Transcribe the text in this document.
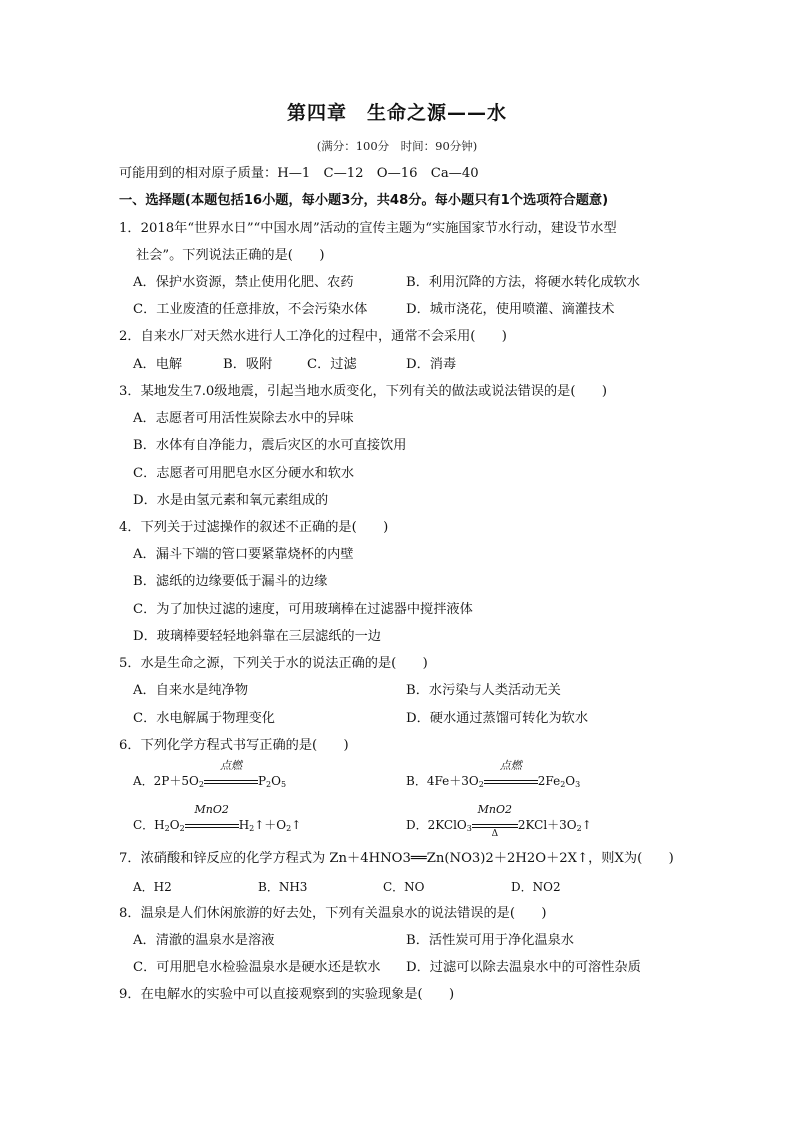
第四章　生命之源——水
(满分：100分　时间：90分钟)
可能用到的相对原子质量：H—1　C—12　O—16　Ca—40
一、选择题(本题包括16小题，每小题3分，共48分。每小题只有1个选项符合题意)
1．2018年“世界水日”“中国水周”活动的宣传主题为“实施国家节水行动，建设节水型
社会”。下列说法正确的是(　　)
A．保护水资源，禁止使用化肥、农药	B．利用沉降的方法，将硬水转化成软水
C．工业废渣的任意排放，不会污染水体	D．城市浇花，使用喷灌、滴灌技术
2．自来水厂对天然水进行人工净化的过程中，通常不会采用(　　)
A．电解	B．吸附	C．过滤	D．消毒
3．某地发生7.0级地震，引起当地水质变化，下列有关的做法或说法错误的是(　　)
A．志愿者可用活性炭除去水中的异味
B．水体有自净能力，震后灾区的水可直接饮用
C．志愿者可用肥皂水区分硬水和软水
D．水是由氢元素和氧元素组成的
4．下列关于过滤操作的叙述不正确的是(　　)
A．漏斗下端的管口要紧靠烧杯的内壁
B．滤纸的边缘要低于漏斗的边缘
C．为了加快过滤的速度，可用玻璃棒在过滤器中搅拌液体
D．玻璃棒要轻轻地斜靠在三层滤纸的一边
5．水是生命之源，下列关于水的说法正确的是(　　)
A．自来水是纯净物	B．水污染与人类活动无关
C．水电解属于物理变化	D．硬水通过蒸馏可转化为软水
6．下列化学方程式书写正确的是(　　)
A．$2P+5O_2$
点燃
$P_2O_5$	B．$4Fe+3O_2$
点燃
$2Fe_2O_3$
C．$H_2O_2$
MnO2
$H_2↑+O_2↑$	D．2KClO$_3$
MnO2
Δ
$2KCl+3O_2↑$
7．浓硝酸和锌反应的化学方程式为 Zn＋4HNO3══Zn(NO3)2＋2H2O＋2X↑，则X为(　　)
A．H2	B．NH3	C．NO	D．NO2
8．温泉是人们休闲旅游的好去处，下列有关温泉水的说法错误的是(　　)
A．清澈的温泉水是溶液	B．活性炭可用于净化温泉水
C．可用肥皂水检验温泉水是硬水还是软水 D．过滤可以除去温泉水中的可溶性杂质
9．在电解水的实验中可以直接观察到的实验现象是(　　)
